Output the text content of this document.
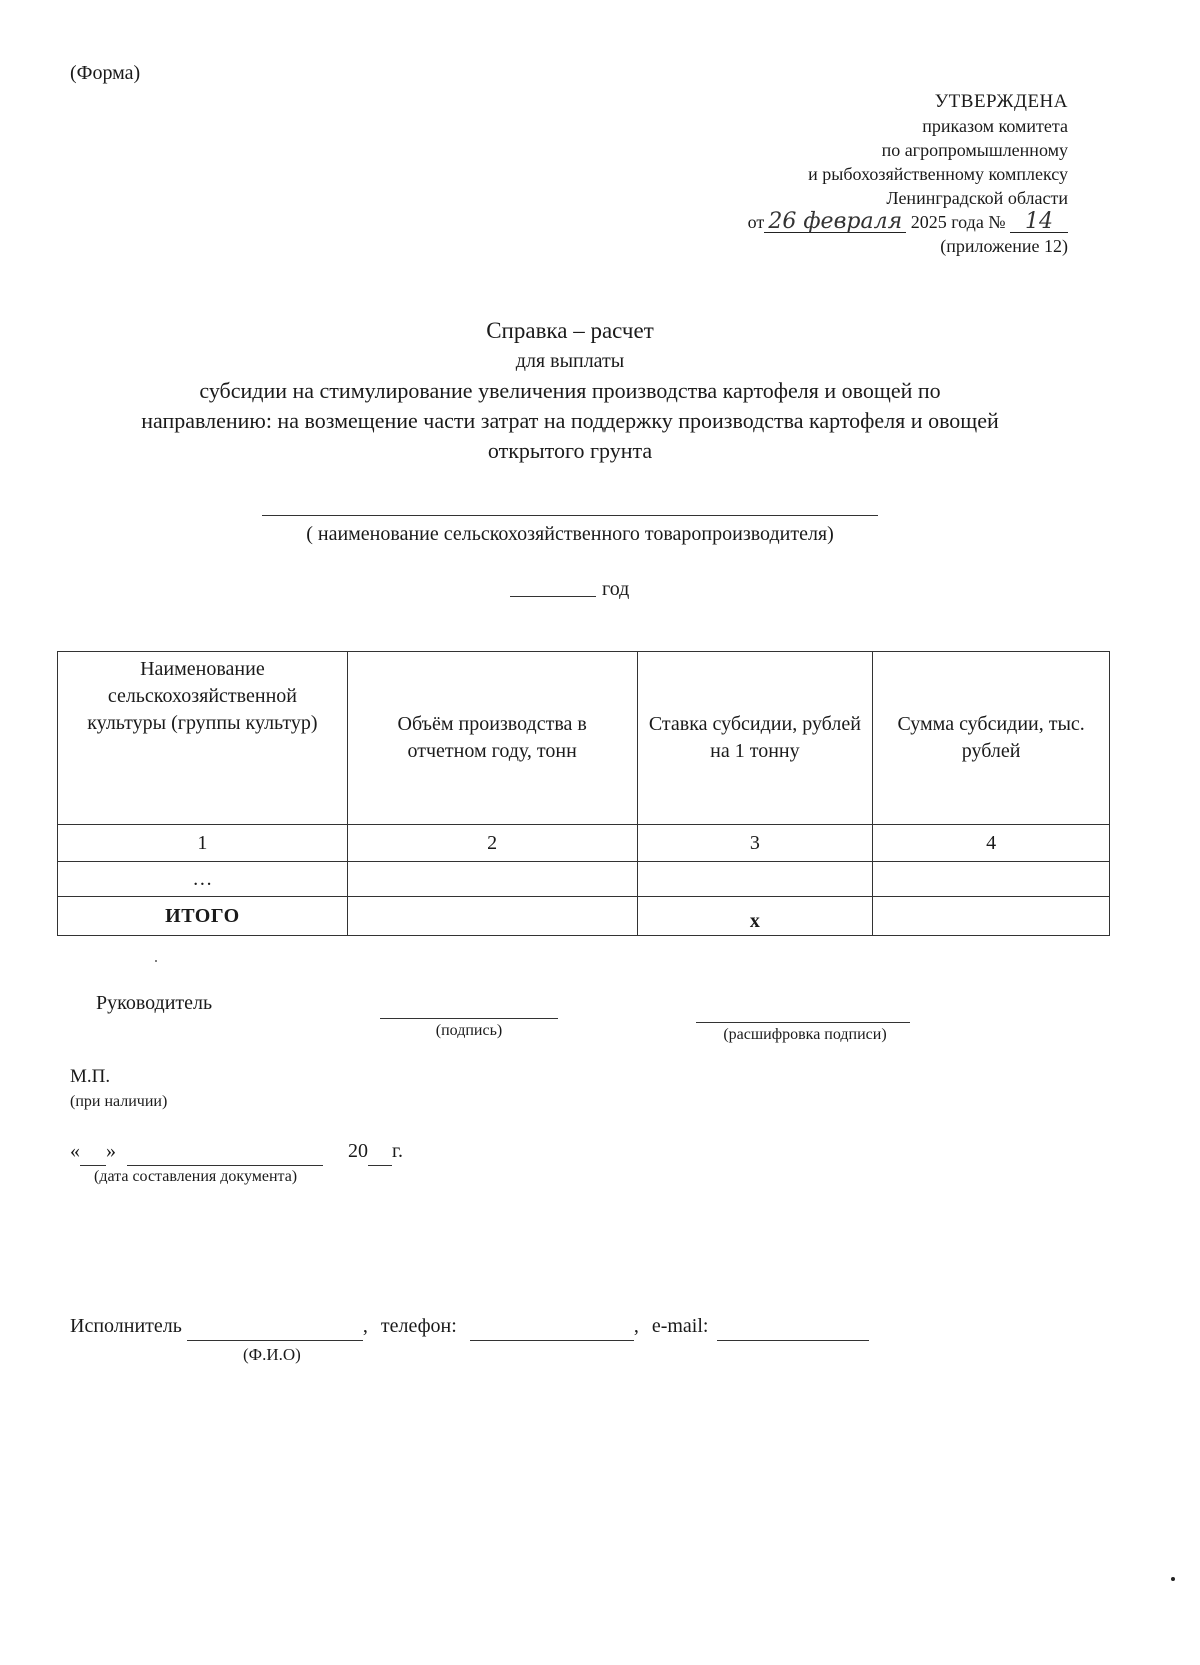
(Форма)
УТВЕРЖДЕНА
приказом комитета
по агропромышленному
и рыбохозяйственному комплексу
Ленинградской области
от 26 февраля 2025 года № 14
(приложение 12)
Справка – расчет
для выплаты
субсидии на стимулирование увеличения производства картофеля и овощей по
направлению: на возмещение части затрат на поддержку производства картофеля и овощей
открытого грунта
( наименование сельскохозяйственного товаропроизводителя)
год
Наименование сельскохозяйственной культуры (группы культур)	Объём производства в отчетном году, тонн	Ставка субсидии, рублей на 1 тонну	Сумма субсидии, тыс. рублей
1	2	3	4
…			
ИТОГО		х	
Руководитель
(подпись)	(расшифровка подписи)
М.П.
(при наличии)
« »	20 г.
(дата составления документа)
Исполнитель	, телефон:	, e-mail:
(Ф.И.О)
